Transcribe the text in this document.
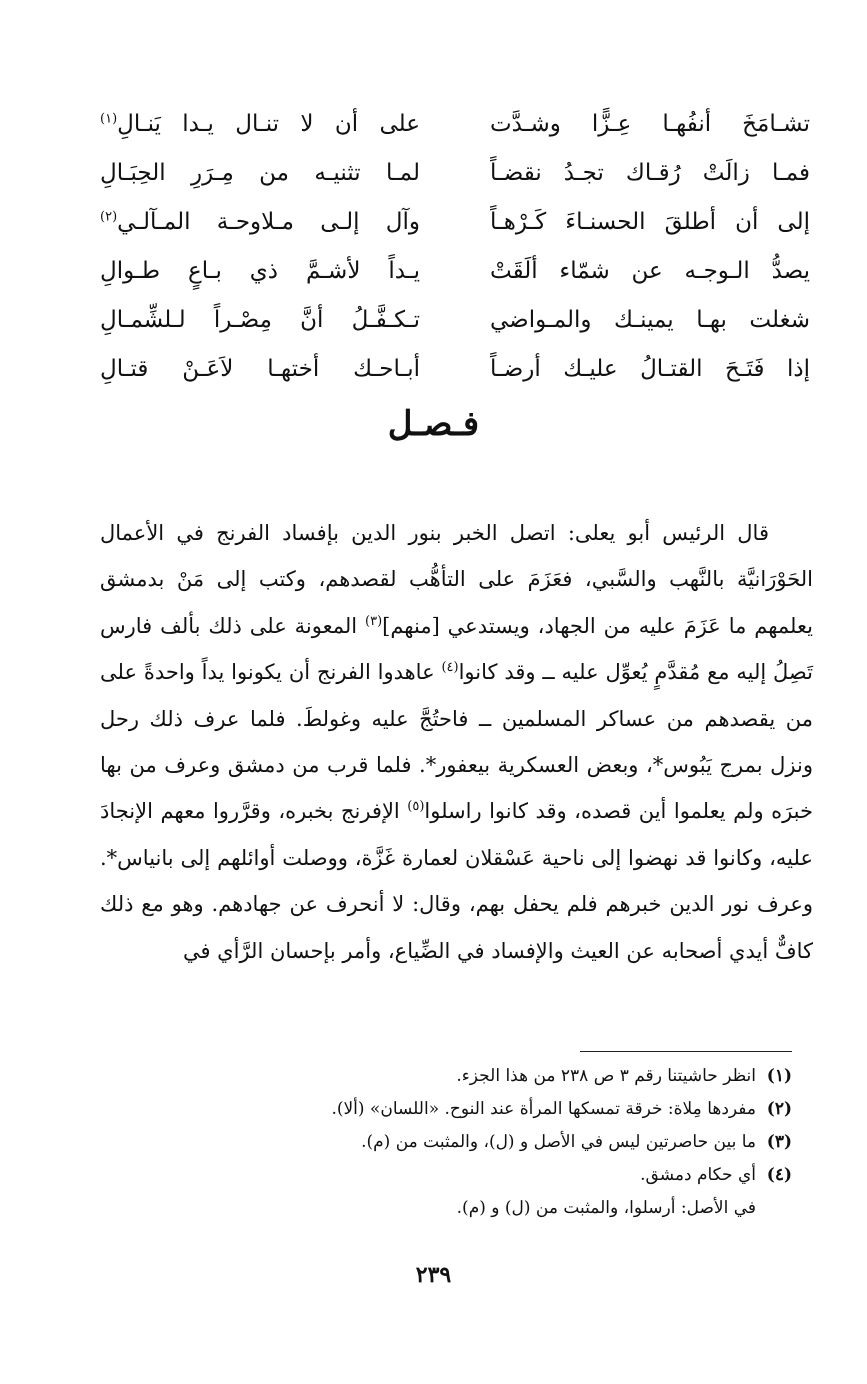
تشـامَخَ أنفُهـا عِـزًّا وشـدَّت
على أن لا تنـال يـدا يَنـالِ$^{(١)}$
فمـا زالَتْ رُقـاك تجـدُ نقضـاً
لمـا تثنيـه من مِـرَرِ الحِبَـالِ
إلى أن أطلقَ الحسنـاءَ كَـرْهـاً
وآل إلـى مـلاوحـة المـآلـي$^{(٢)}$
يصدُّ الـوجـه عن شمّاء ألَقَتْ
يـداً لأشـمَّ ذي بـاعٍ طـوالِ
شغلت بهـا يمينـك والمـواضي
تـكـفَّـلُ أنَّ مِصْـراً لـلشِّمـالِ
إذا فَتَـحَ القتـالُ عليـك أرضـاً
أبـاحـك أختهـا لاَعَـنْ قتـالِ
فـصـل

قال الرئيس أبو يعلى: اتصل الخبر بنور الدين بإفساد الفرنج في الأعمال الحَوْرَانيَّة بالنَّهب والسَّبي، فعَزَمَ على التأهُّب لقصدهم، وكتب إلى مَنْ بدمشق يعلمهم ما عَزَمَ عليه من الجهاد، ويستدعي [منهم]$^{(٣)}$ المعونة على ذلك بألف فارس تَصِلُ إليه مع مُقدَّمٍ يُعوِّل عليه ــ وقد كانوا$^{(٤)}$ عاهدوا الفرنج أن يكونوا يداً واحدةً على من يقصدهم من عساكر المسلمين ــ فاحتُجَّ عليه وغولطَ. فلما عرف ذلك رحل ونزل بمرج يَبُوس*، وبعض العسكرية بيعفور*. فلما قرب من دمشق وعرف من بها خبرَه ولم يعلموا أين قصده، وقد كانوا راسلوا$^{(٥)}$ الإفرنج بخبره، وقرَّروا معهم الإنجادَ عليه، وكانوا قد نهضوا إلى ناحية عَسْقلان لعمارة غَزَّة، ووصلت أوائلهم إلى بانياس*. وعرف نور الدين خبرهم فلم يحفل بهم، وقال: لا أنحرف عن جهادهم. وهو مع ذلك كافٌّ أيدي أصحابه عن العيث والإفساد في الضِّياع، وأمر بإحسان الرَّأي في

(١)
انظر حاشيتنا رقم ٣ ص ٢٣٨ من هذا الجزء.
(٢)
مفردها مِلاة: خرقة تمسكها المرأة عند النوح. «اللسان» (ألا).
(٣)
ما بين حاصرتين ليس في الأصل و (ل)، والمثبت من (م).
(٤)
أي حكام دمشق.
في الأصل: أرسلوا، والمثبت من (ل) و (م).
٢٣٩
